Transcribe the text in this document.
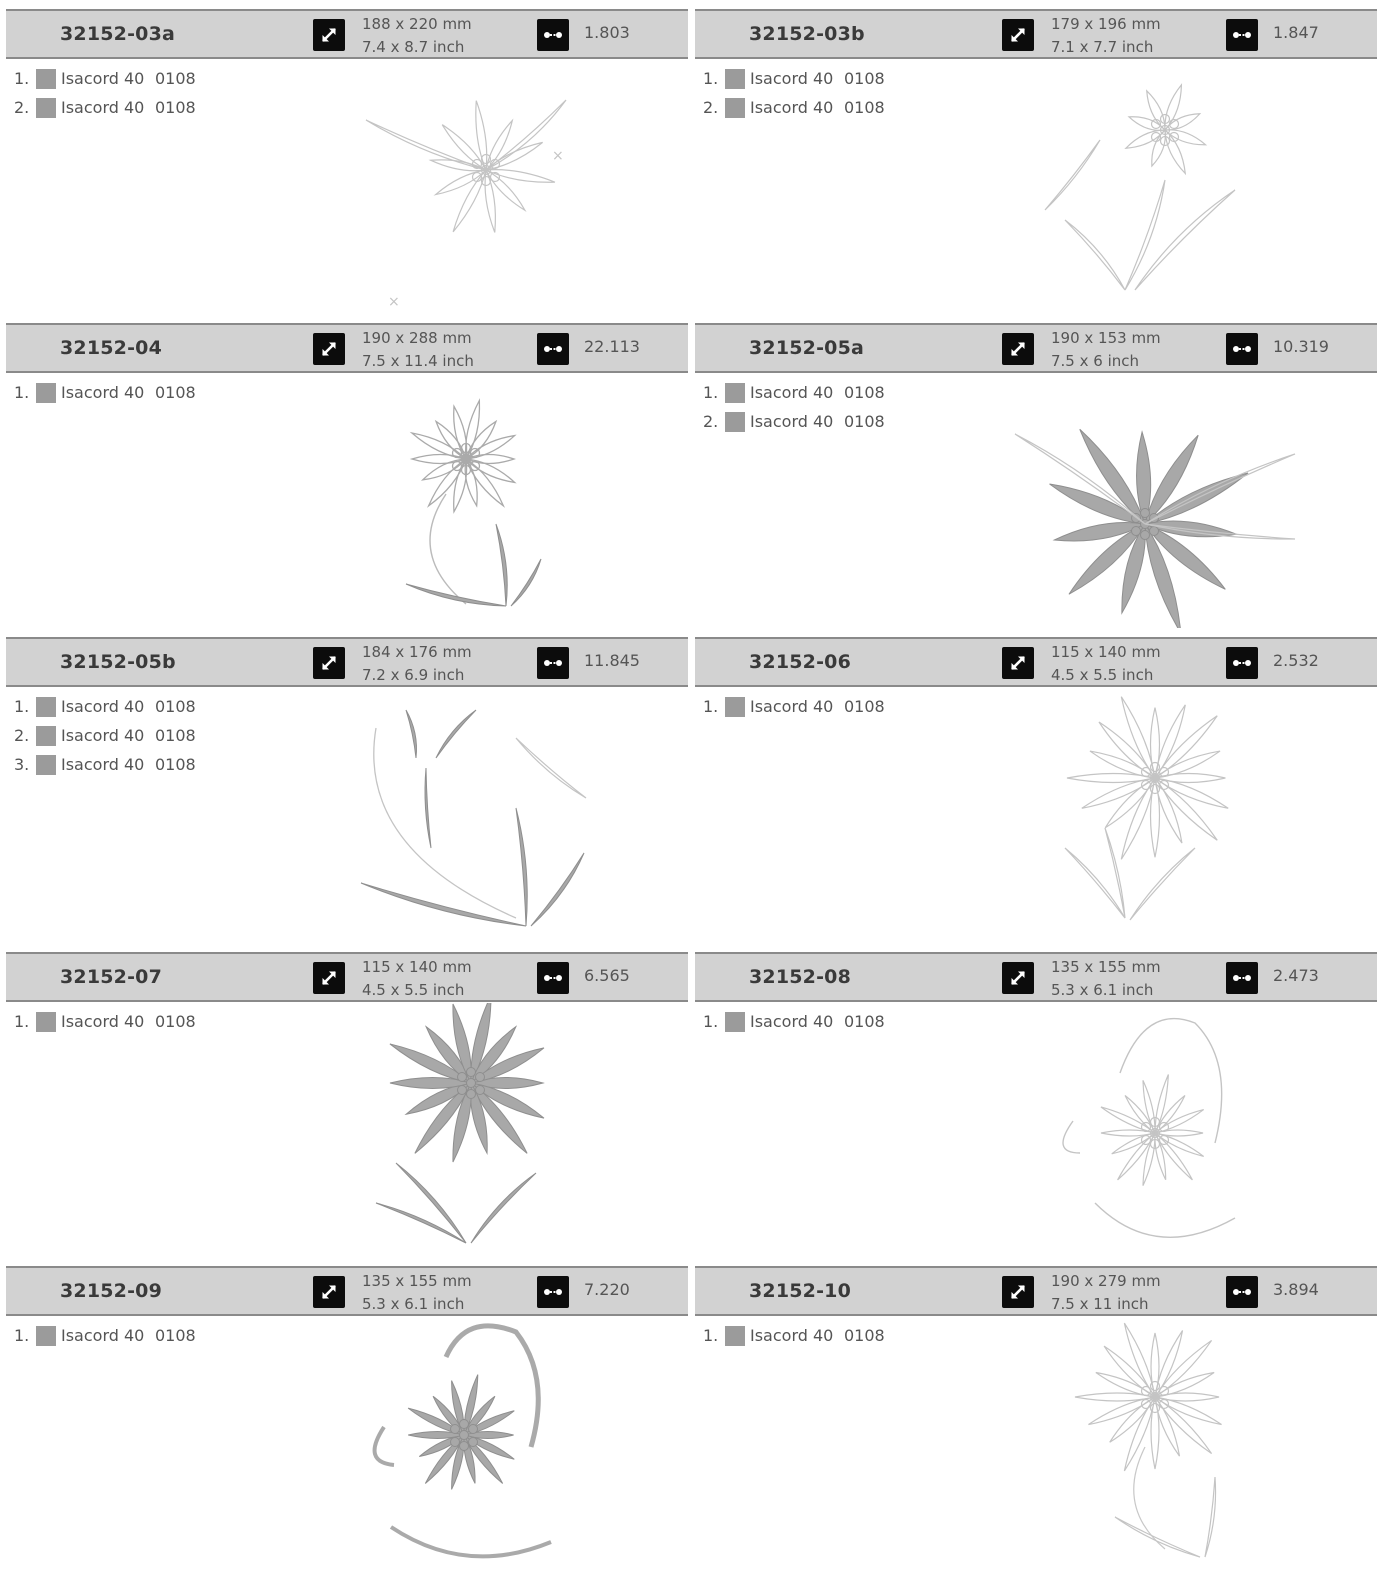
32152-03a	188 x 220 mm
7.4 x 8.7 inch
1.803
1.	Isacord 40 0108
2.	Isacord 40 0108
×
×
32152-03b	179 x 196 mm
7.1 x 7.7 inch
1.847
1.	Isacord 40 0108
2.	Isacord 40 0108
32152-04	190 x 288 mm
7.5 x 11.4 inch
22.113
1.	Isacord 40 0108
32152-05a	190 x 153 mm
7.5 x 6 inch
10.319
1.	Isacord 40 0108
2.	Isacord 40 0108
32152-05b	184 x 176 mm
7.2 x 6.9 inch
11.845
1.	Isacord 40 0108
2.	Isacord 40 0108
3.	Isacord 40 0108
32152-06	115 x 140 mm
4.5 x 5.5 inch
2.532
1.	Isacord 40 0108
32152-07	115 x 140 mm
4.5 x 5.5 inch
6.565
1.	Isacord 40 0108
32152-08	135 x 155 mm
5.3 x 6.1 inch
2.473
1.	Isacord 40 0108
32152-09	135 x 155 mm
5.3 x 6.1 inch
7.220
1.	Isacord 40 0108
32152-10	190 x 279 mm
7.5 x 11 inch
3.894
1.	Isacord 40 0108
